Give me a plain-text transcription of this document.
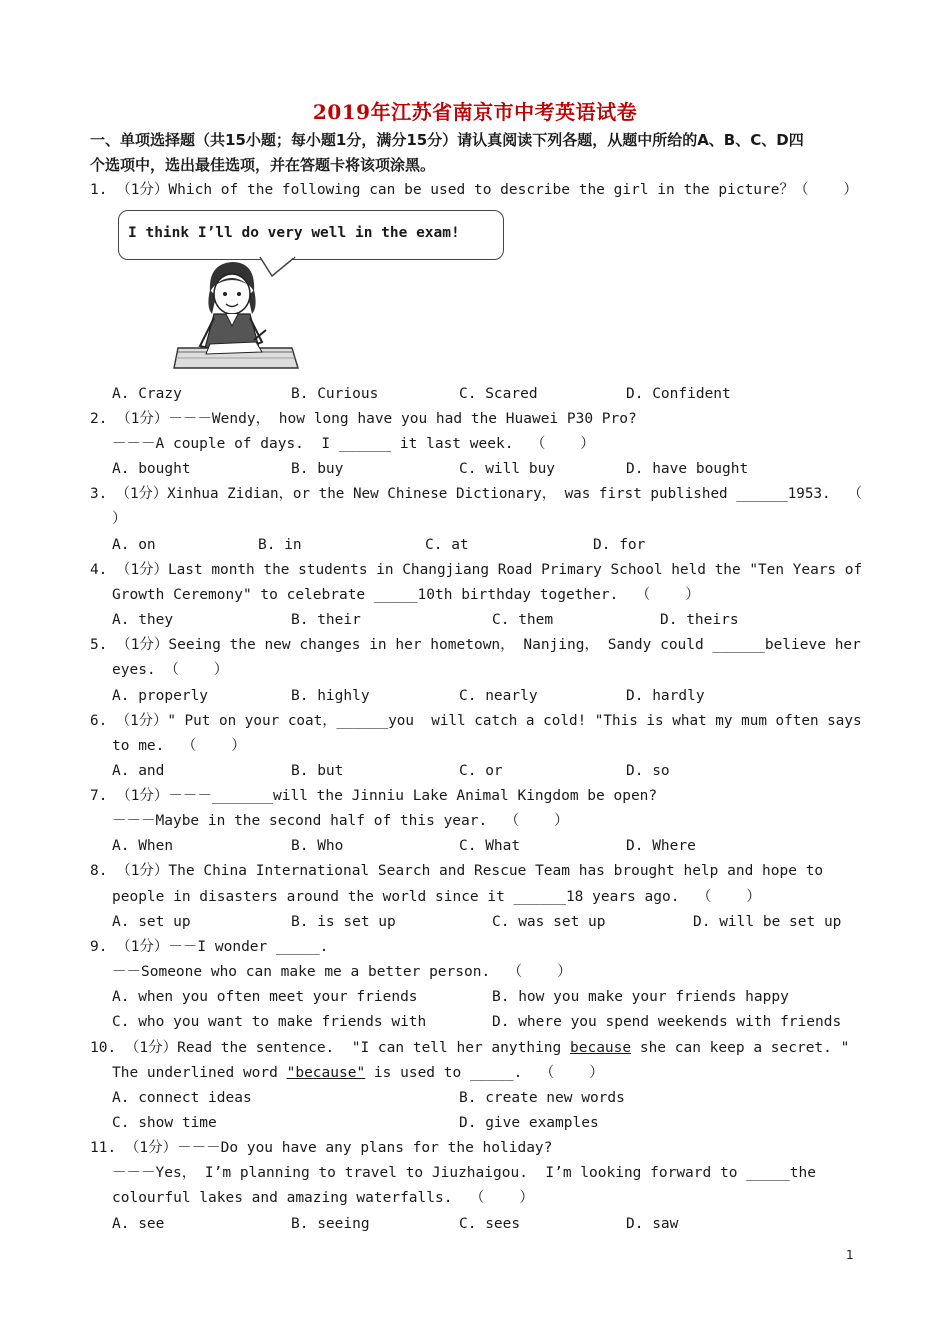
2019年江苏省南京市中考英语试卷
一、单项选择题（共15小题；每小题1分，满分15分）请认真阅读下列各题，从题中所给的A、B、C、D四
个选项中，选出最佳选项，并在答题卡将该项涂黑。
1. （1分）Which of the following can be used to describe the girl in the picture？（    ）
I think I’ll do very well in the exam!
A. Crazy	B. Curious	C. Scared	D. Confident
2. （1分）－－－Wendy， how long have you had the Huawei P30 Pro?
－－－A couple of days.  I ______ it last week.  （    ）
A. bought	B. buy	C. will buy	D. have bought
3. （1分）Xinhua Zidian，or the New Chinese Dictionary， was first published ______1953.  （
）
A. on	B. in	C. at	D. for
4. （1分）Last month the students in Changjiang Road Primary School held the "Ten Years of
Growth Ceremony" to celebrate _____10th birthday together.  （    ）
A. they	B. their	C. them	D. theirs
5. （1分）Seeing the new changes in her hometown， Nanjing， Sandy could ______believe her
eyes. （    ）
A. properly	B. highly	C. nearly	D. hardly
6. （1分）" Put on your coat，______you  will catch a cold! "This is what my mum often says
to me.  （    ）
A. and	B. but	C. or	D. so
7. （1分）－－－_______will the Jinniu Lake Animal Kingdom be open?
－－－Maybe in the second half of this year.  （    ）
A. When	B. Who	C. What	D. Where
8. （1分）The China International Search and Rescue Team has brought help and hope to
people in disasters around the world since it ______18 years ago.  （    ）
A. set up	B. is set up	C. was set up	D. will be set up
9. （1分）－－I wonder _____.
－－Someone who can make me a better person.  （    ）
A. when you often meet your friends	B. how you make your friends happy
C. who you want to make friends with	D. where you spend weekends with friends
10. （1分）Read the sentence.  "I can tell her anything because she can keep a secret. "
The underlined word "because" is used to _____.  （    ）
A. connect ideas	B. create new words
C. show time	D. give examples
11. （1分）－－－Do you have any plans for the holiday?
－－－Yes， I’m planning to travel to Jiuzhaigou.  I’m looking forward to _____the
colourful lakes and amazing waterfalls.  （    ）
A. see	B. seeing	C. sees	D. saw
1
